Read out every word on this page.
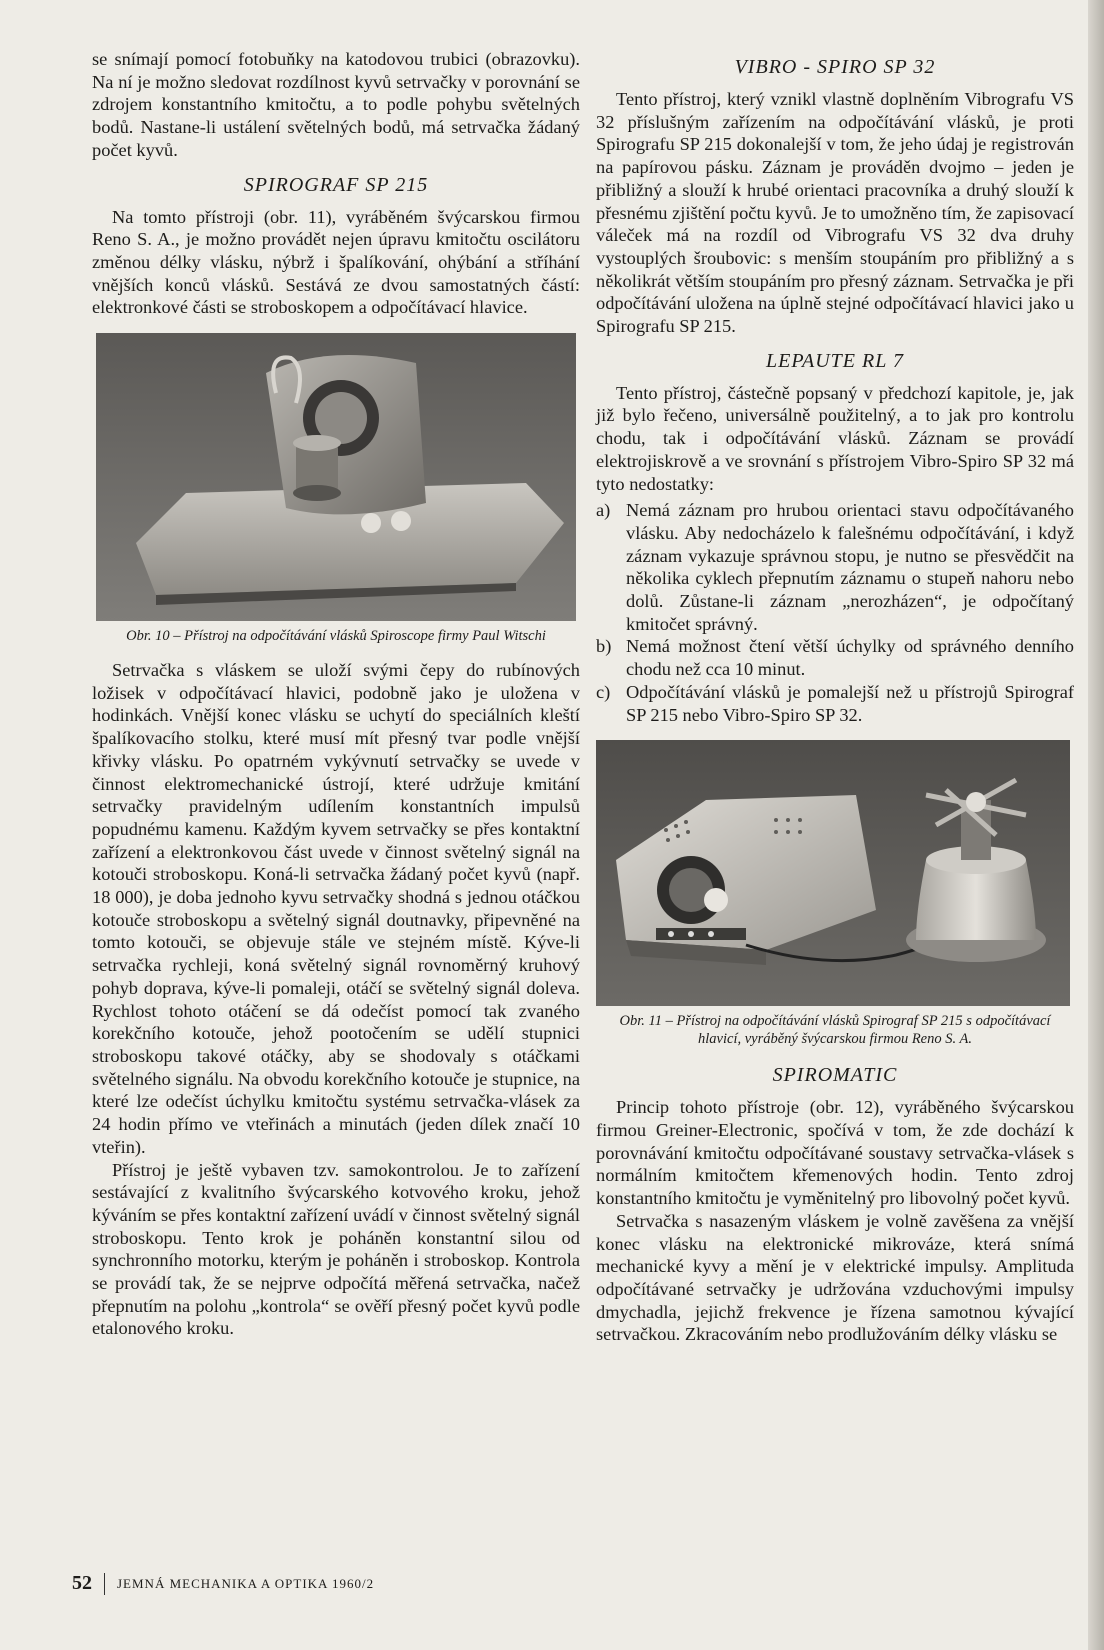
se snímají pomocí fotobuňky na katodovou trubici (obrazovku). Na ní je možno sledovat rozdílnost kyvů setrvačky v porovnání se zdrojem konstantního kmitočtu, a to podle pohybu světelných bodů. Nastane-li ustálení světelných bodů, má setrvačka žádaný počet kyvů.

SPIROGRAF SP 215

Na tomto přístroji (obr. 11), vyráběném švýcarskou firmou Reno S. A., je možno provádět nejen úpravu kmitočtu oscilátoru změnou délky vlásku, nýbrž i špalíkování, ohýbání a stříhání vnějších konců vlásků. Sestává ze dvou samostatných částí: elektronkové části se stroboskopem a odpočítávací hlavice.

Obr. 10 – Přístroj na odpočítávání vlásků Spiroscope firmy Paul Witschi

Setrvačka s vláskem se uloží svými čepy do rubínových ložisek v odpočítávací hlavici, podobně jako je uložena v hodinkách. Vnější konec vlásku se uchytí do speciálních kleští špalíkovacího stolku, které musí mít přesný tvar podle vnější křivky vlásku. Po opatrném vykývnutí setrvačky se uvede v činnost elektromechanické ústrojí, které udržuje kmitání setrvačky pravidelným udílením konstantních impulsů popudnému kamenu. Každým kyvem setrvačky se přes kontaktní zařízení a elektronkovou část uvede v činnost světelný signál na kotouči stroboskopu. Koná-li setrvačka žádaný počet kyvů (např. 18 000), je doba jednoho kyvu setrvačky shodná s jednou otáčkou kotouče stroboskopu a světelný signál doutnavky, připevněné na tomto kotouči, se objevuje stále ve stejném místě. Kýve-li setrvačka rychleji, koná světelný signál rovnoměrný kruhový pohyb doprava, kýve-li pomaleji, otáčí se světelný signál doleva. Rychlost tohoto otáčení se dá odečíst pomocí tak zvaného korekčního kotouče, jehož pootočením se udělí stupnici stroboskopu takové otáčky, aby se shodovaly s otáčkami světelného signálu. Na obvodu korekčního kotouče je stupnice, na které lze odečíst úchylku kmitočtu systému setrvačka-vlásek za 24 hodin přímo ve vteřinách a minutách (jeden dílek značí 10 vteřin).

Přístroj je ještě vybaven tzv. samokontrolou. Je to zařízení sestávající z kvalitního švýcarského kotvového kroku, jehož kýváním se přes kontaktní zařízení uvádí v činnost světelný signál stroboskopu. Tento krok je poháněn konstantní silou od synchronního motorku, kterým je poháněn i stroboskop. Kontrola se provádí tak, že se nejprve odpočítá měřená setrvačka, načež přepnutím na polohu „kontrola“ se ověří přesný počet kyvů podle etalonového kroku.

VIBRO - SPIRO SP 32

Tento přístroj, který vznikl vlastně doplněním Vibrografu VS 32 příslušným zařízením na odpočítávání vlásků, je proti Spirografu SP 215 dokonalejší v tom, že jeho údaj je registrován na papírovou pásku. Záznam je prováděn dvojmo – jeden je přibližný a slouží k hrubé orientaci pracovníka a druhý slouží k přesnému zjištění počtu kyvů. Je to umožněno tím, že zapisovací váleček má na rozdíl od Vibrografu VS 32 dva druhy vystouplých šroubovic: s menším stoupáním pro přibližný a s několikrát větším stoupáním pro přesný záznam. Setrvačka je při odpočítávání uložena na úplně stejné odpočítávací hlavici jako u Spirografu SP 215.

LEPAUTE RL 7

Tento přístroj, částečně popsaný v předchozí kapitole, je, jak již bylo řečeno, universálně použitelný, a to jak pro kontrolu chodu, tak i odpočítávání vlásků. Záznam se provádí elektrojiskrově a ve srovnání s přístrojem Vibro-Spiro SP 32 má tyto nedostatky:

a) Nemá záznam pro hrubou orientaci stavu odpočítávaného vlásku. Aby nedocházelo k falešnému odpočítávání, i když záznam vykazuje správnou stopu, je nutno se přesvědčit na několika cyklech přepnutím záznamu o stupeň nahoru nebo dolů. Zůstane-li záznam „nerozházen“, je odpočítaný kmitočet správný.
b) Nemá možnost čtení větší úchylky od správného denního chodu než cca 10 minut.
c) Odpočítávání vlásků je pomalejší než u přístrojů Spirograf SP 215 nebo Vibro-Spiro SP 32.
Obr. 11 – Přístroj na odpočítávání vlásků Spirograf SP 215 s odpočítávací hlavicí, vyráběný švýcarskou firmou Reno S. A.
SPIROMATIC

Princip tohoto přístroje (obr. 12), vyráběného švýcarskou firmou Greiner-Electronic, spočívá v tom, že zde dochází k porovnávání kmitočtu odpočítávané soustavy setrvačka-vlásek s normálním kmitočtem křemenových hodin. Tento zdroj konstantního kmitočtu je vyměnitelný pro libovolný počet kyvů.

Setrvačka s nasazeným vláskem je volně zavěšena za vnější konec vlásku na elektronické mikrováze, která snímá mechanické kyvy a mění je v elektrické impulsy. Amplituda odpočítávané setrvačky je udržována vzduchovými impulsy dmychadla, jejichž frekvence je řízena samotnou kývající setrvačkou. Zkracováním nebo prodlužováním délky vlásku se

52 JEMNÁ MECHANIKA A OPTIKA 1960/2
